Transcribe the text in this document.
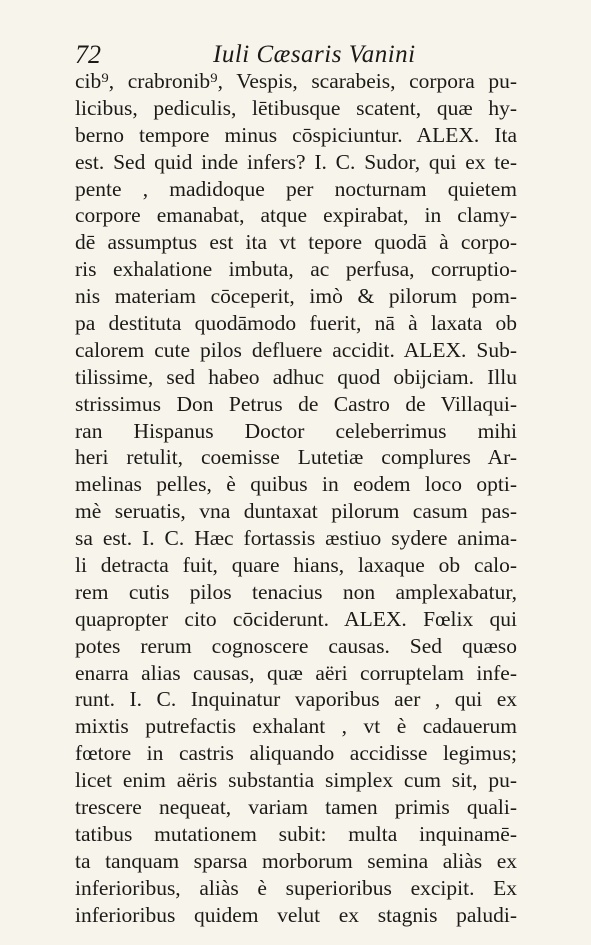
72	Iuli Cæsaris Vanini
cib⁹, crabronib⁹, Vespis, scarabeis, corpora pu-
licibus, pediculis, lētibusque scatent, quæ hy-
berno tempore minus cōspiciuntur. ALEX. Ita
est. Sed quid inde infers? I. C. Sudor, qui ex te-
pente , madidoque per nocturnam quietem
corpore emanabat, atque expirabat, in clamy-
dē assumptus est ita vt tepore quodā à corpo-
ris exhalatione imbuta, ac perfusa, corruptio-
nis materiam cōceperit, imò & pilorum pom-
pa destituta quodāmodo fuerit, nā à laxata ob
calorem cute pilos defluere accidit. ALEX. Sub-
tilissime, sed habeo adhuc quod obijciam. Illu
strissimus Don Petrus de Castro de Villaqui-
ran Hispanus Doctor celeberrimus mihi
heri retulit, coemisse Lutetiæ complures Ar-
melinas pelles, è quibus in eodem loco opti-
mè seruatis, vna duntaxat pilorum casum pas-
sa est. I. C. Hæc fortassis æstiuo sydere anima-
li detracta fuit, quare hians, laxaque ob calo-
rem cutis pilos tenacius non amplexabatur,
quapropter cito cōciderunt. ALEX. Fœlix qui
potes rerum cognoscere causas. Sed quæso
enarra alias causas, quæ aëri corruptelam infe-
runt. I. C. Inquinatur vaporibus aer , qui ex
mixtis putrefactis exhalant , vt è cadauerum
fœtore in castris aliquando accidisse legimus;
licet enim aëris substantia simplex cum sit, pu-
trescere nequeat, variam tamen primis quali-
tatibus mutationem subit: multa inquinamē-
ta tanquam sparsa morborum semina aliàs ex
inferioribus, aliàs è superioribus excipit. Ex
inferioribus quidem velut ex stagnis paludi-
